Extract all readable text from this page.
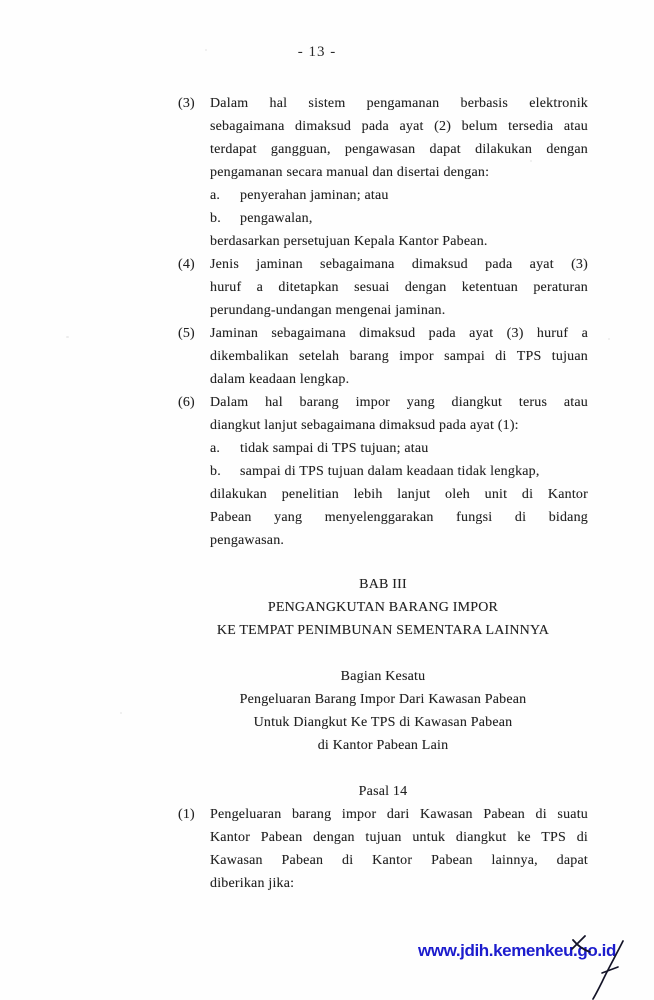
- 13 -
(3) Dalam hal sistem pengamanan berbasis elektronik
sebagaimana dimaksud pada ayat (2) belum tersedia atau
terdapat gangguan, pengawasan dapat dilakukan dengan
pengamanan secara manual dan disertai dengan:
a. penyerahan jaminan; atau
b. pengawalan,
berdasarkan persetujuan Kepala Kantor Pabean.
(4) Jenis jaminan sebagaimana dimaksud pada ayat (3)
huruf a ditetapkan sesuai dengan ketentuan peraturan
perundang-undangan mengenai jaminan.
(5) Jaminan sebagaimana dimaksud pada ayat (3) huruf a
dikembalikan setelah barang impor sampai di TPS tujuan
dalam keadaan lengkap.
(6) Dalam hal barang impor yang diangkut terus atau
diangkut lanjut sebagaimana dimaksud pada ayat (1):
a. tidak sampai di TPS tujuan; atau
b. sampai di TPS tujuan dalam keadaan tidak lengkap,
dilakukan penelitian lebih lanjut oleh unit di Kantor
Pabean yang menyelenggarakan fungsi di bidang
pengawasan.
BAB III
PENGANGKUTAN BARANG IMPOR
KE TEMPAT PENIMBUNAN SEMENTARA LAINNYA
Bagian Kesatu
Pengeluaran Barang Impor Dari Kawasan Pabean
Untuk Diangkut Ke TPS di Kawasan Pabean
di Kantor Pabean Lain
Pasal 14
(1) Pengeluaran barang impor dari Kawasan Pabean di suatu
Kantor Pabean dengan tujuan untuk diangkut ke TPS di
Kawasan Pabean di Kantor Pabean lainnya, dapat
diberikan jika:
www.jdih.kemenkeu.go.id
